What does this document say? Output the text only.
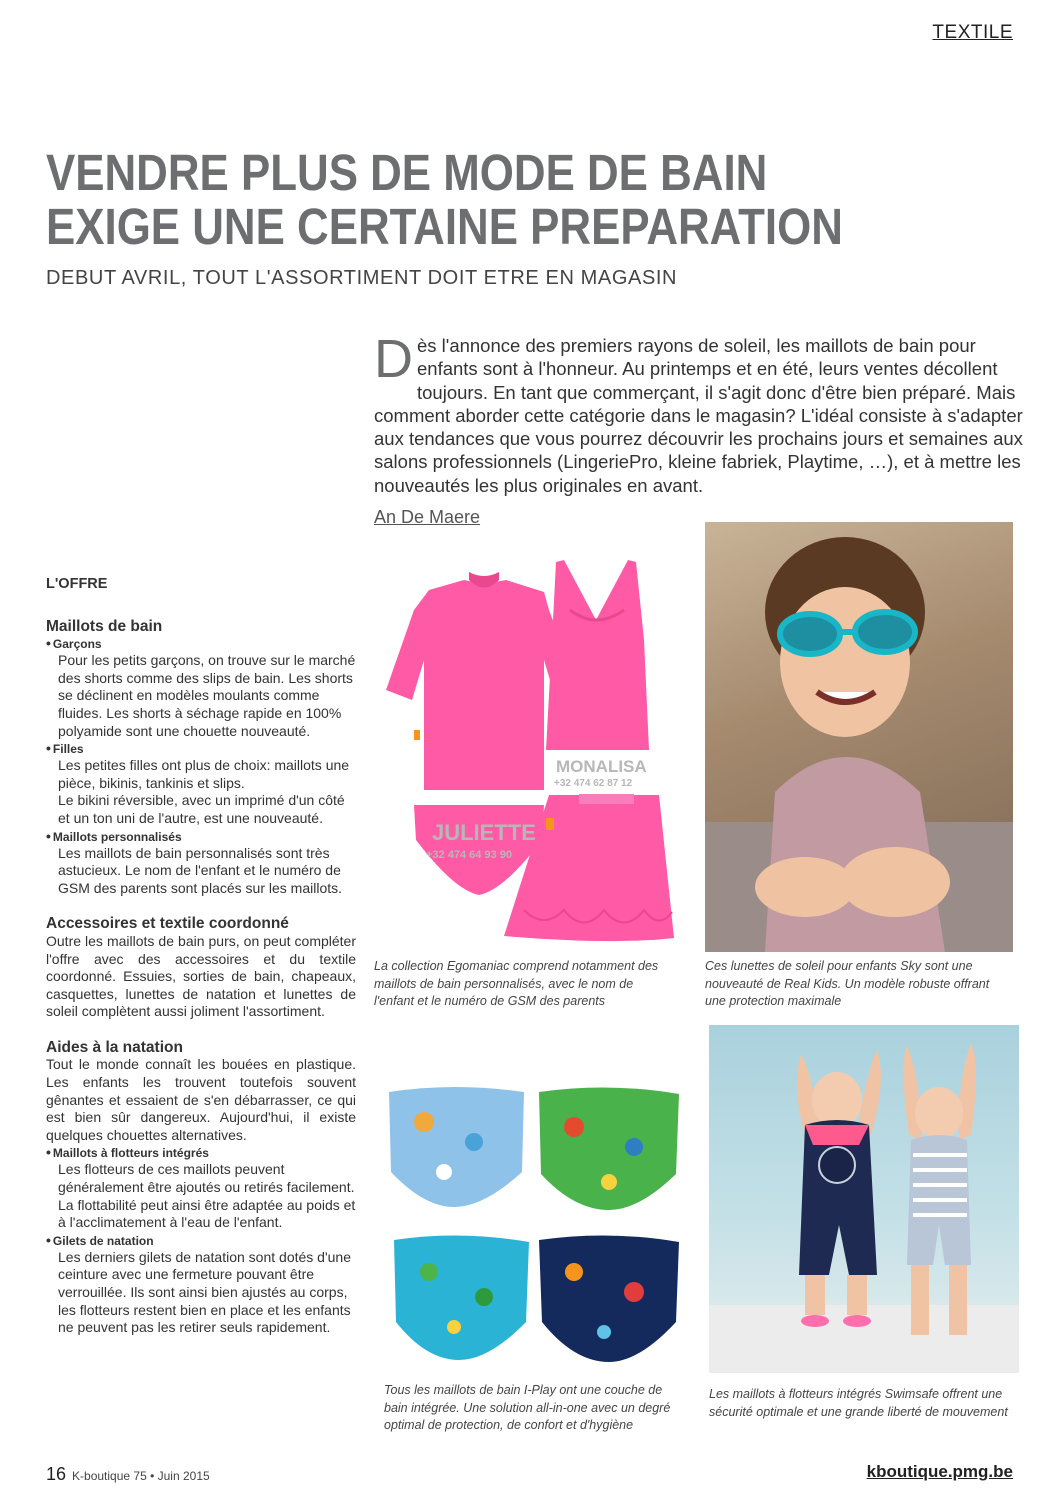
TEXTILE
VENDRE PLUS DE MODE DE BAIN
EXIGE UNE CERTAINE PREPARATION
DEBUT AVRIL, TOUT L'ASSORTIMENT DOIT ETRE EN MAGASIN

Dès l'annonce des premiers rayons de soleil, les maillots de bain pour enfants sont à l'honneur. Au printemps et en été, leurs ventes décollent toujours. En tant que commerçant, il s'agit donc d'être bien préparé. Mais comment aborder cette catégorie dans le magasin? L'idéal consiste à s'adapter aux tendances que vous pourrez découvrir les prochains jours et semaines aux salons professionnels (LingeriePro, kleine fabriek, Playtime, …), et à mettre les nouveautés les plus originales en avant.

An De Maere
L'OFFRE
Maillots de bain
• Garçons

Pour les petits garçons, on trouve sur le marché des shorts comme des slips de bain. Les shorts se déclinent en modèles moulants comme fluides. Les shorts à séchage rapide en 100% polyamide sont une chouette nouveauté.

• Filles

Les petites filles ont plus de choix: maillots une pièce, bikinis, tankinis et slips.

Le bikini réversible, avec un imprimé d'un côté et un ton uni de l'autre, est une nouveauté.

• Maillots personnalisés

Les maillots de bain personnalisés sont très astucieux. Le nom de l'enfant et le numéro de GSM des parents sont placés sur les maillots.

Accessoires et textile coordonné

Outre les maillots de bain purs, on peut compléter l'offre avec des accessoires et du textile coordonné. Essuies, sorties de bain, chapeaux, casquettes, lunettes de natation et lunettes de soleil complètent aussi joliment l'assortiment.

Aides à la natation

Tout le monde connaît les bouées en plastique. Les enfants les trouvent toutefois souvent gênantes et essaient de s'en débarrasser, ce qui est bien sûr dangereux. Aujourd'hui, il existe quelques chouettes alternatives.

• Maillots à flotteurs intégrés

Les flotteurs de ces maillots peuvent généralement être ajoutés ou retirés facilement. La flottabilité peut ainsi être adaptée au poids et à l'acclimatement à l'eau de l'enfant.

• Gilets de natation

Les derniers gilets de natation sont dotés d'une ceinture avec une fermeture pouvant être verrouillée. Ils sont ainsi bien ajustés au corps, les flotteurs restent bien en place et les enfants ne peuvent pas les retirer seuls rapidement.

JULIETTE
+32 474 64 93 90
MONALISA
+32 474 62 87 12
La collection Egomaniac comprend notamment des maillots de bain personnalisés, avec le nom de l'enfant et le numéro de GSM des parents
Ces lunettes de soleil pour enfants Sky sont une nouveauté de Real Kids. Un modèle robuste offrant une protection maximale
Tous les maillots de bain I-Play ont une couche de bain intégrée. Une solution all-in-one avec un degré optimal de protection, de confort et d'hygiène
Les maillots à flotteurs intégrés Swimsafe offrent une sécurité optimale et une grande liberté de mouvement
16 K-boutique 75 • Juin 2015	kboutique.pmg.be
